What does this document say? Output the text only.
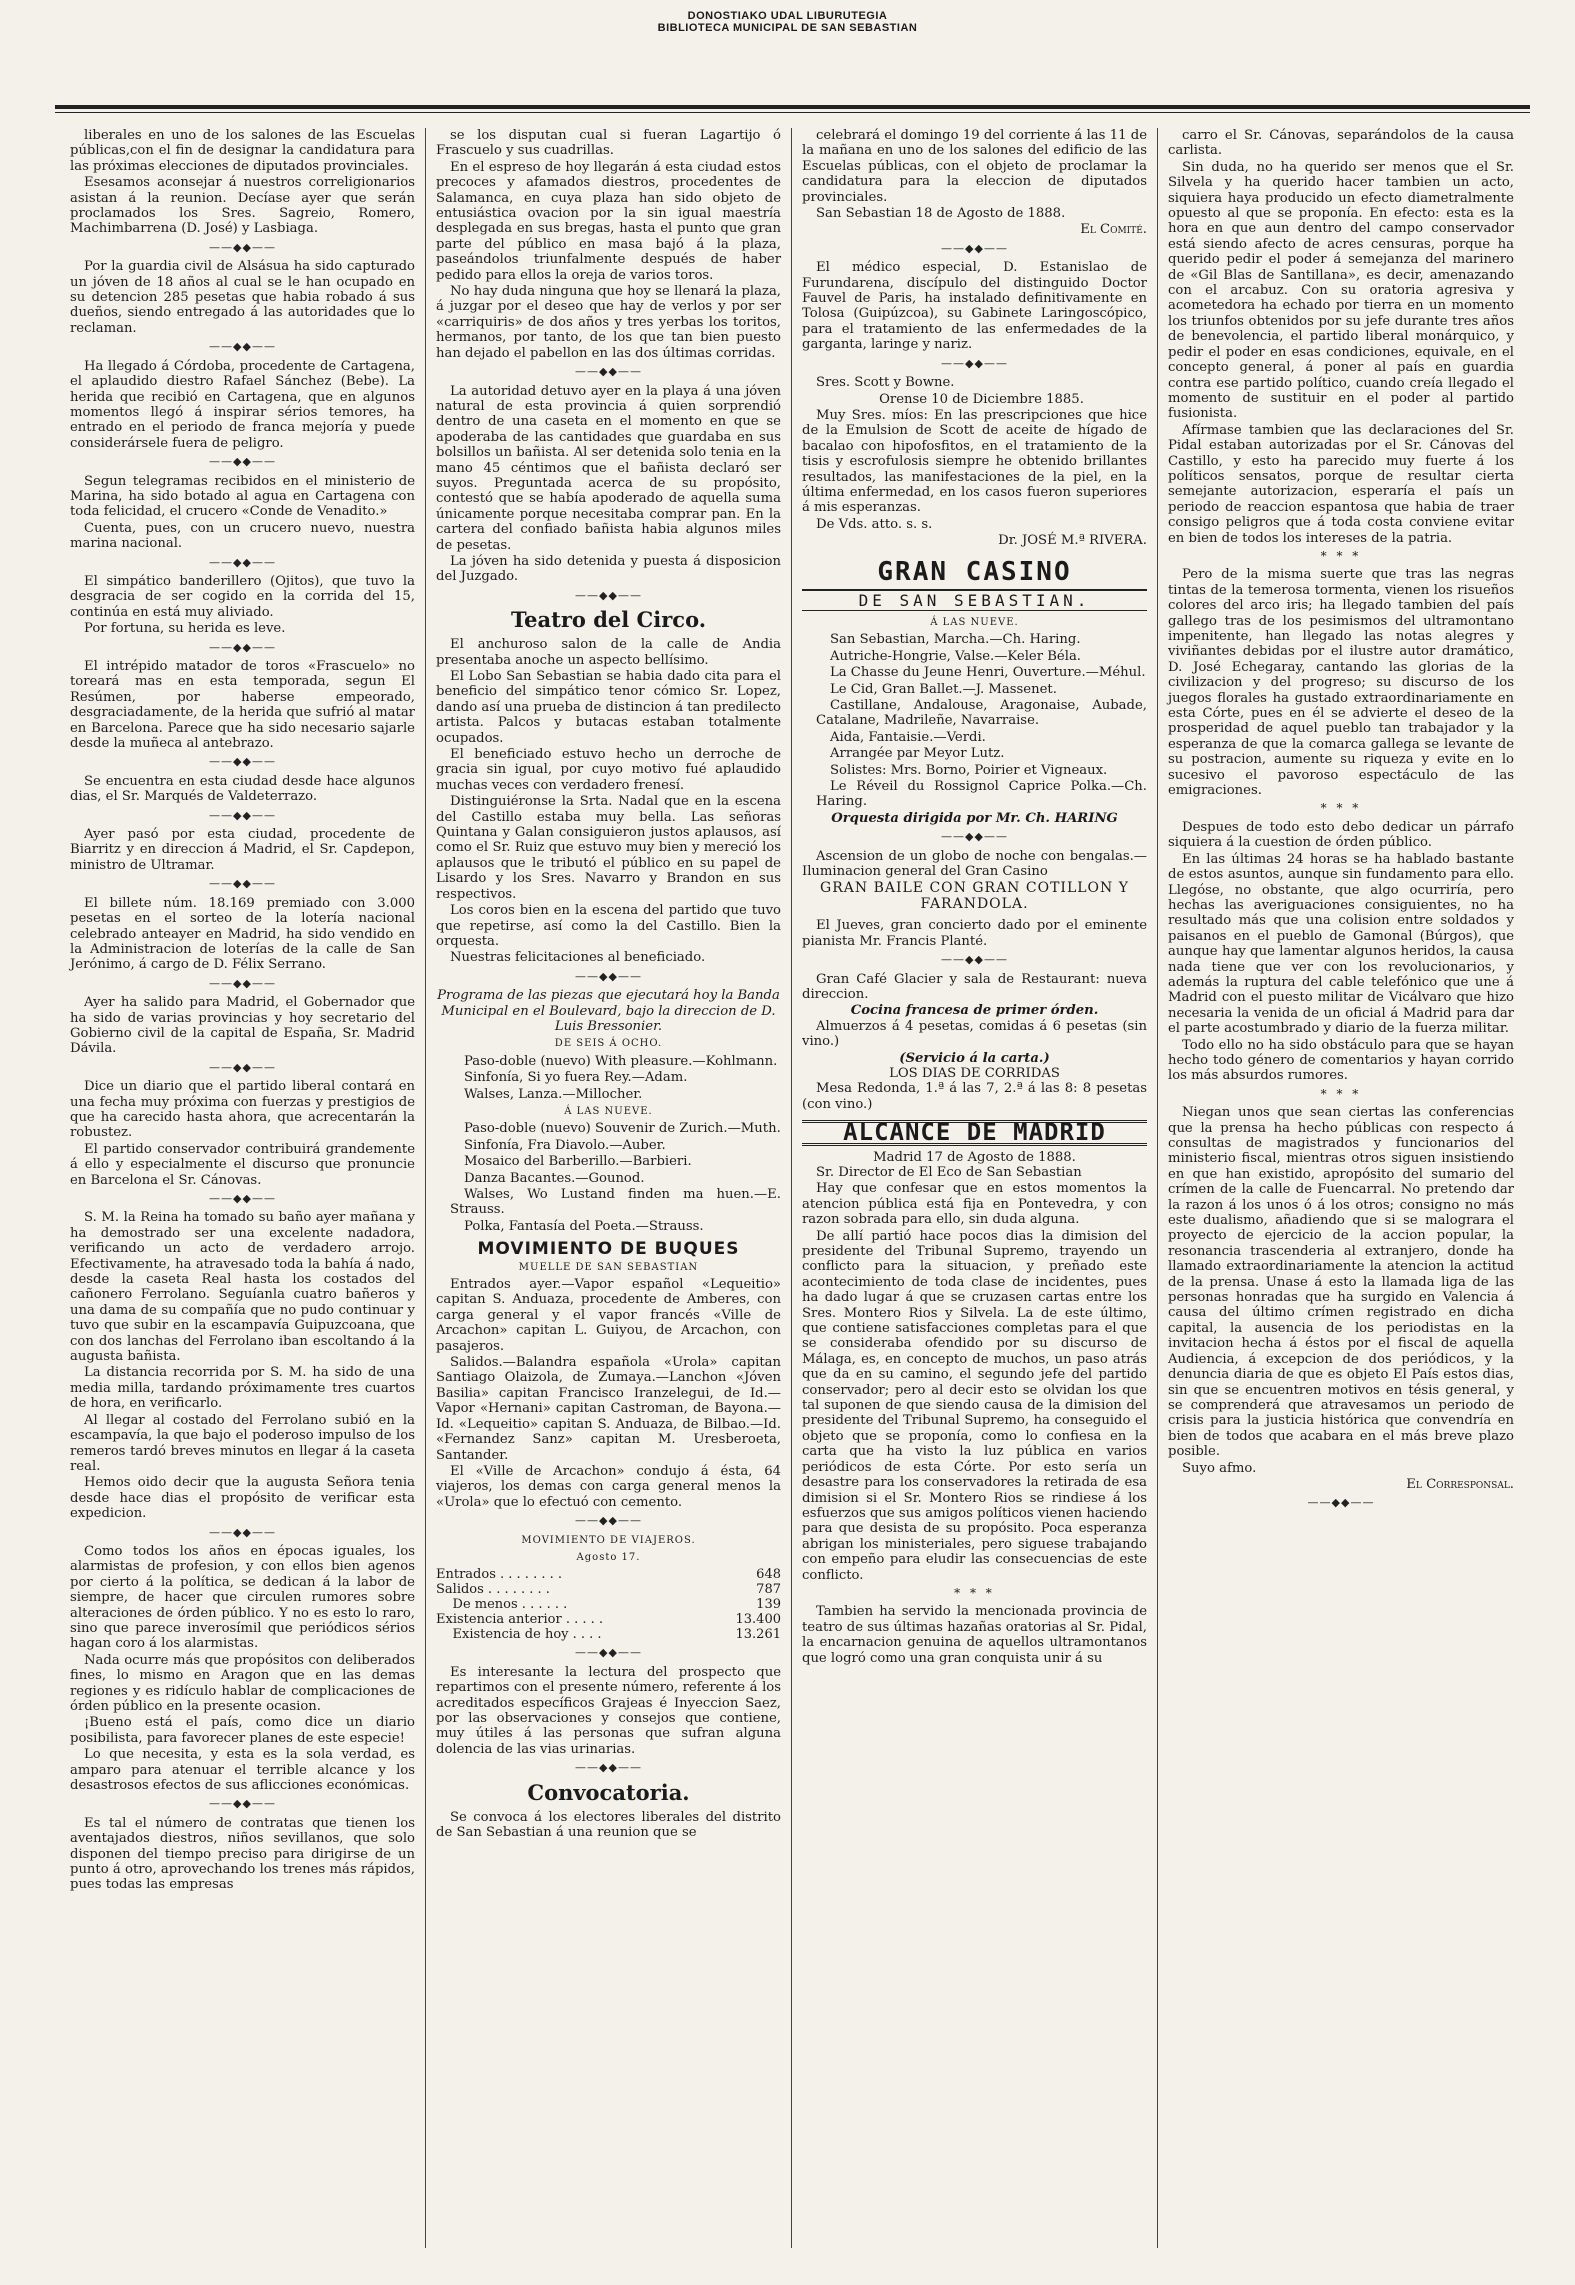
DONOSTIAKO UDAL LIBURUTEGIA
BIBLIOTECA MUNICIPAL DE SAN SEBASTIAN

liberales en uno de los salones de las Escuelas públicas,con el fin de designar la candidatura para las próximas elecciones de diputados provinciales.

Esesamos aconsejar á nuestros correligionarios asistan á la reunion. Decíase ayer que serán proclamados los Sres. Sagreio, Romero, Machimbarrena (D. José) y Lasbiaga.

——◆◆——

Por la guardia civil de Alsásua ha sido capturado un jóven de 18 años al cual se le han ocupado en su detencion 285 pesetas que habia robado á sus dueños, siendo entregado á las autoridades que lo reclaman.

——◆◆——

Ha llegado á Córdoba, procedente de Cartagena, el aplaudido diestro Rafael Sánchez (Bebe). La herida que recibió en Cartagena, que en algunos momentos llegó á inspirar sérios temores, ha entrado en el periodo de franca mejoría y puede considerársele fuera de peligro.

——◆◆——

Segun telegramas recibidos en el ministerio de Marina, ha sido botado al agua en Cartagena con toda felicidad, el crucero «Conde de Venadito.»

Cuenta, pues, con un crucero nuevo, nuestra marina nacional.

——◆◆——

El simpático banderillero (Ojitos), que tuvo la desgracia de ser cogido en la corrida del 15, continúa en está muy aliviado.

Por fortuna, su herida es leve.

——◆◆——

El intrépido matador de toros «Frascuelo» no toreará mas en esta temporada, segun El Resúmen, por haberse empeorado, desgraciadamente, de la herida que sufrió al matar en Barcelona. Parece que ha sido necesario sajarle desde la muñeca al antebrazo.

——◆◆——

Se encuentra en esta ciudad desde hace algunos dias, el Sr. Marqués de Valdeterrazo.

——◆◆——

Ayer pasó por esta ciudad, procedente de Biarritz y en direccion á Madrid, el Sr. Capdepon, ministro de Ultramar.

——◆◆——

El billete núm. 18.169 premiado con 3.000 pesetas en el sorteo de la lotería nacional celebrado anteayer en Madrid, ha sido vendido en la Administracion de loterías de la calle de San Jerónimo, á cargo de D. Félix Serrano.

——◆◆——

Ayer ha salido para Madrid, el Gobernador que ha sido de varias provincias y hoy secretario del Gobierno civil de la capital de España, Sr. Madrid Dávila.

——◆◆——

Dice un diario que el partido liberal contará en una fecha muy próxima con fuerzas y prestigios de que ha carecido hasta ahora, que acrecentarán la robustez.

El partido conservador contribuirá grandemente á ello y especialmente el discurso que pronuncie en Barcelona el Sr. Cánovas.

——◆◆——

S. M. la Reina ha tomado su baño ayer mañana y ha demostrado ser una excelente nadadora, verificando un acto de verdadero arrojo. Efectivamente, ha atravesado toda la bahía á nado, desde la caseta Real hasta los costados del cañonero Ferrolano. Seguíanla cuatro bañeros y una dama de su compañía que no pudo continuar y tuvo que subir en la escampavía Guipuzcoana, que con dos lanchas del Ferrolano iban escoltando á la augusta bañista.

La distancia recorrida por S. M. ha sido de una media milla, tardando próximamente tres cuartos de hora, en verificarlo.

Al llegar al costado del Ferrolano subió en la escampavía, la que bajo el poderoso impulso de los remeros tardó breves minutos en llegar á la caseta real.

Hemos oido decir que la augusta Señora tenia desde hace dias el propósito de verificar esta expedicion.

——◆◆——

Como todos los años en épocas iguales, los alarmistas de profesion, y con ellos bien agenos por cierto á la política, se dedican á la labor de siempre, de hacer que circulen rumores sobre alteraciones de órden público. Y no es esto lo raro, sino que parece inverosímil que periódicos sérios hagan coro á los alarmistas.

Nada ocurre más que propósitos con deliberados fines, lo mismo en Aragon que en las demas regiones y es ridículo hablar de complicaciones de órden público en la presente ocasion.

¡Bueno está el país, como dice un diario posibilista, para favorecer planes de este especie!

Lo que necesita, y esta es la sola verdad, es amparo para atenuar el terrible alcance y los desastrosos efectos de sus aflicciones económicas.

——◆◆——

Es tal el número de contratas que tienen los aventajados diestros, niños sevillanos, que solo disponen del tiempo preciso para dirigirse de un punto á otro, aprovechando los trenes más rápidos, pues todas las empresas

se los disputan cual si fueran Lagartijo ó Frascuelo y sus cuadrillas.

En el espreso de hoy llegarán á esta ciudad estos precoces y afamados diestros, procedentes de Salamanca, en cuya plaza han sido objeto de entusiástica ovacion por la sin igual maestría desplegada en sus bregas, hasta el punto que gran parte del público en masa bajó á la plaza, paseándolos triunfalmente después de haber pedido para ellos la oreja de varios toros.

No hay duda ninguna que hoy se llenará la plaza, á juzgar por el deseo que hay de verlos y por ser «carriquiris» de dos años y tres yerbas los toritos, hermanos, por tanto, de los que tan bien puesto han dejado el pabellon en las dos últimas corridas.

——◆◆——

La autoridad detuvo ayer en la playa á una jóven natural de esta provincia á quien sorprendió dentro de una caseta en el momento en que se apoderaba de las cantidades que guardaba en sus bolsillos un bañista. Al ser detenida solo tenia en la mano 45 céntimos que el bañista declaró ser suyos. Preguntada acerca de su propósito, contestó que se había apoderado de aquella suma únicamente porque necesitaba comprar pan. En la cartera del confiado bañista habia algunos miles de pesetas.

La jóven ha sido detenida y puesta á disposicion del Juzgado.

——◆◆——
Teatro del Circo.

El anchuroso salon de la calle de Andia presentaba anoche un aspecto bellísimo.

El Lobo San Sebastian se habia dado cita para el beneficio del simpático tenor cómico Sr. Lopez, dando así una prueba de distincion á tan predilecto artista. Palcos y butacas estaban totalmente ocupados.

El beneficiado estuvo hecho un derroche de gracia sin igual, por cuyo motivo fué aplaudido muchas veces con verdadero frenesí.

Distinguiéronse la Srta. Nadal que en la escena del Castillo estaba muy bella. Las señoras Quintana y Galan consiguieron justos aplausos, así como el Sr. Ruiz que estuvo muy bien y mereció los aplausos que le tributó el público en su papel de Lisardo y los Sres. Navarro y Brandon en sus respectivos.

Los coros bien en la escena del partido que tuvo que repetirse, así como la del Castillo. Bien la orquesta.

Nuestras felicitaciones al beneficiado.

——◆◆——
Programa de las piezas que ejecutará hoy la Banda Municipal en el Boulevard, bajo la direccion de D. Luis Bressonier.
DE SEIS Á OCHO.

Paso-doble (nuevo) With pleasure.—Kohlmann.

Sinfonía, Si yo fuera Rey.—Adam.

Walses, Lanza.—Millocher.

Á LAS NUEVE.

Paso-doble (nuevo) Souvenir de Zurich.—Muth.

Sinfonía, Fra Diavolo.—Auber.

Mosaico del Barberillo.—Barbieri.

Danza Bacantes.—Gounod.

Walses, Wo Lustand finden ma huen.—E. Strauss.

Polka, Fantasía del Poeta.—Strauss.

MOVIMIENTO DE BUQUES
MUELLE DE SAN SEBASTIAN

Entrados ayer.—Vapor español «Lequeitio» capitan S. Anduaza, procedente de Amberes, con carga general y el vapor francés «Ville de Arcachon» capitan L. Guiyou, de Arcachon, con pasajeros.

Salidos.—Balandra española «Urola» capitan Santiago Olaizola, de Zumaya.—Lanchon «Jóven Basilia» capitan Francisco Iranzelegui, de Id.—Vapor «Hernani» capitan Castroman, de Bayona.—Id. «Lequeitio» capitan S. Anduaza, de Bilbao.—Id. «Fernandez Sanz» capitan M. Uresberoeta, Santander.

El «Ville de Arcachon» condujo á ésta, 64 viajeros, los demas con carga general menos la «Urola» que lo efectuó con cemento.

——◆◆——
MOVIMIENTO DE VIAJEROS.
Agosto 17.
Entrados . . . . . . . .	648
Salidos . . . . . . . .	787
De menos . . . . . .	139
Existencia anterior . . . . .	13.400
Existencia de hoy . . . .	13.261
——◆◆——

Es interesante la lectura del prospecto que repartimos con el presente número, referente á los acreditados específicos Grajeas é Inyeccion Saez, por las observaciones y consejos que contiene, muy útiles á las personas que sufran alguna dolencia de las vias urinarias.

——◆◆——
Convocatoria.

Se convoca á los electores liberales del distrito de San Sebastian á una reunion que se

celebrará el domingo 19 del corriente á las 11 de la mañana en uno de los salones del edificio de las Escuelas públicas, con el objeto de proclamar la candidatura para la eleccion de diputados provinciales.

San Sebastian 18 de Agosto de 1888.

El Comité.

——◆◆——

El médico especial, D. Estanislao de Furundarena, discípulo del distinguido Doctor Fauvel de Paris, ha instalado definitivamente en Tolosa (Guipúzcoa), su Gabinete Laringoscópico, para el tratamiento de las enfermedades de la garganta, laringe y nariz.

——◆◆——

Sres. Scott y Bowne.

Orense 10 de Diciembre 1885.

Muy Sres. míos: En las prescripciones que hice de la Emulsion de Scott de aceite de hígado de bacalao con hipofosfitos, en el tratamiento de la tisis y escrofulosis siempre he obtenido brillantes resultados, las manifestaciones de la piel, en la última enfermedad, en los casos fueron superiores á mis esperanzas.

De Vds. atto. s. s.

Dr. JOSÉ M.ª RIVERA.

GRAN CASINO
DE SAN SEBASTIAN.
Á LAS NUEVE.

San Sebastian, Marcha.—Ch. Haring.

Autriche-Hongrie, Valse.—Keler Béla.

La Chasse du Jeune Henri, Ouverture.—Méhul.

Le Cid, Gran Ballet.—J. Massenet.

Castillane, Andalouse, Aragonaise, Aubade, Catalane, Madrileñe, Navarraise.

Aida, Fantaisie.—Verdi.

Arrangée par Meyor Lutz.

Solistes: Mrs. Borno, Poirier et Vigneaux.

Le Réveil du Rossignol Caprice Polka.—Ch. Haring.

Orquesta dirigida por Mr. Ch. HARING
——◆◆——

Ascension de un globo de noche con bengalas.—Iluminacion general del Gran Casino

GRAN BAILE CON GRAN COTILLON Y FARANDOLA.

El Jueves, gran concierto dado por el eminente pianista Mr. Francis Planté.

——◆◆——

Gran Café Glacier y sala de Restaurant: nueva direccion.

Cocina francesa de primer órden.

Almuerzos á 4 pesetas, comidas á 6 pesetas (sin vino.)

(Servicio á la carta.)
LOS DIAS DE CORRIDAS

Mesa Redonda, 1.ª á las 7, 2.ª á las 8: 8 pesetas (con vino.)

ALCANCE DE MADRID
Madrid 17 de Agosto de 1888.

Sr. Director de El Eco de San Sebastian

Hay que confesar que en estos momentos la atencion pública está fija en Pontevedra, y con razon sobrada para ello, sin duda alguna.

De allí partió hace pocos dias la dimision del presidente del Tribunal Supremo, trayendo un conflicto para la situacion, y preñado este acontecimiento de toda clase de incidentes, pues ha dado lugar á que se cruzasen cartas entre los Sres. Montero Rios y Silvela. La de este último, que contiene satisfacciones completas para el que se consideraba ofendido por su discurso de Málaga, es, en concepto de muchos, un paso atrás que da en su camino, el segundo jefe del partido conservador; pero al decir esto se olvidan los que tal suponen de que siendo causa de la dimision del presidente del Tribunal Supremo, ha conseguido el objeto que se proponía, como lo confiesa en la carta que ha visto la luz pública en varios periódicos de esta Córte. Por esto sería un desastre para los conservadores la retirada de esa dimision si el Sr. Montero Rios se rindiese á los esfuerzos que sus amigos políticos vienen haciendo para que desista de su propósito. Poca esperanza abrigan los ministeriales, pero siguese trabajando con empeño para eludir las consecuencias de este conflicto.

* * *

Tambien ha servido la mencionada provincia de teatro de sus últimas hazañas oratorias al Sr. Pidal, la encarnacion genuina de aquellos ultramontanos que logró como una gran conquista unir á su

carro el Sr. Cánovas, separándolos de la causa carlista.

Sin duda, no ha querido ser menos que el Sr. Silvela y ha querido hacer tambien un acto, siquiera haya producido un efecto diametralmente opuesto al que se proponía. En efecto: esta es la hora en que aun dentro del campo conservador está siendo afecto de acres censuras, porque ha querido pedir el poder á semejanza del marinero de «Gil Blas de Santillana», es decir, amenazando con el arcabuz. Con su oratoria agresiva y acometedora ha echado por tierra en un momento los triunfos obtenidos por su jefe durante tres años de benevolencia, el partido liberal monárquico, y pedir el poder en esas condiciones, equivale, en el concepto general, á poner al país en guardia contra ese partido político, cuando creía llegado el momento de sustituir en el poder al partido fusionista.

Afírmase tambien que las declaraciones del Sr. Pidal estaban autorizadas por el Sr. Cánovas del Castillo, y esto ha parecido muy fuerte á los políticos sensatos, porque de resultar cierta semejante autorizacion, esperaría el país un periodo de reaccion espantosa que habia de traer consigo peligros que á toda costa conviene evitar en bien de todos los intereses de la patria.

* * *

Pero de la misma suerte que tras las negras tintas de la temerosa tormenta, vienen los risueños colores del arco iris; ha llegado tambien del país gallego tras de los pesimismos del ultramontano impenitente, han llegado las notas alegres y viviñantes debidas por el ilustre autor dramático, D. José Echegaray, cantando las glorias de la civilizacion y del progreso; su discurso de los juegos florales ha gustado extraordinariamente en esta Córte, pues en él se advierte el deseo de la prosperidad de aquel pueblo tan trabajador y la esperanza de que la comarca gallega se levante de su postracion, aumente su riqueza y evite en lo sucesivo el pavoroso espectáculo de las emigraciones.

* * *

Despues de todo esto debo dedicar un párrafo siquiera á la cuestion de órden público.

En las últimas 24 horas se ha hablado bastante de estos asuntos, aunque sin fundamento para ello. Llegóse, no obstante, que algo ocurriría, pero hechas las averiguaciones consiguientes, no ha resultado más que una colision entre soldados y paisanos en el pueblo de Gamonal (Búrgos), que aunque hay que lamentar algunos heridos, la causa nada tiene que ver con los revolucionarios, y además la ruptura del cable telefónico que une á Madrid con el puesto militar de Vicálvaro que hizo necesaria la venida de un oficial á Madrid para dar el parte acostumbrado y diario de la fuerza militar.

Todo ello no ha sido obstáculo para que se hayan hecho todo género de comentarios y hayan corrido los más absurdos rumores.

* * *

Niegan unos que sean ciertas las conferencias que la prensa ha hecho públicas con respecto á consultas de magistrados y funcionarios del ministerio fiscal, mientras otros siguen insistiendo en que han existido, apropósito del sumario del crímen de la calle de Fuencarral. No pretendo dar la razon á los unos ó á los otros; consigno no más este dualismo, añadiendo que si se malograra el proyecto de ejercicio de la accion popular, la resonancia trascenderia al extranjero, donde ha llamado extraordinariamente la atencion la actitud de la prensa. Unase á esto la llamada liga de las personas honradas que ha surgido en Valencia á causa del último crímen registrado en dicha capital, la ausencia de los periodistas en la invitacion hecha á éstos por el fiscal de aquella Audiencia, á excepcion de dos periódicos, y la denuncia diaria de que es objeto El País estos dias, sin que se encuentren motivos en tésis general, y se comprenderá que atravesamos un periodo de crisis para la justicia histórica que convendría en bien de todos que acabara en el más breve plazo posible.

Suyo afmo.

El Corresponsal.

——◆◆——
